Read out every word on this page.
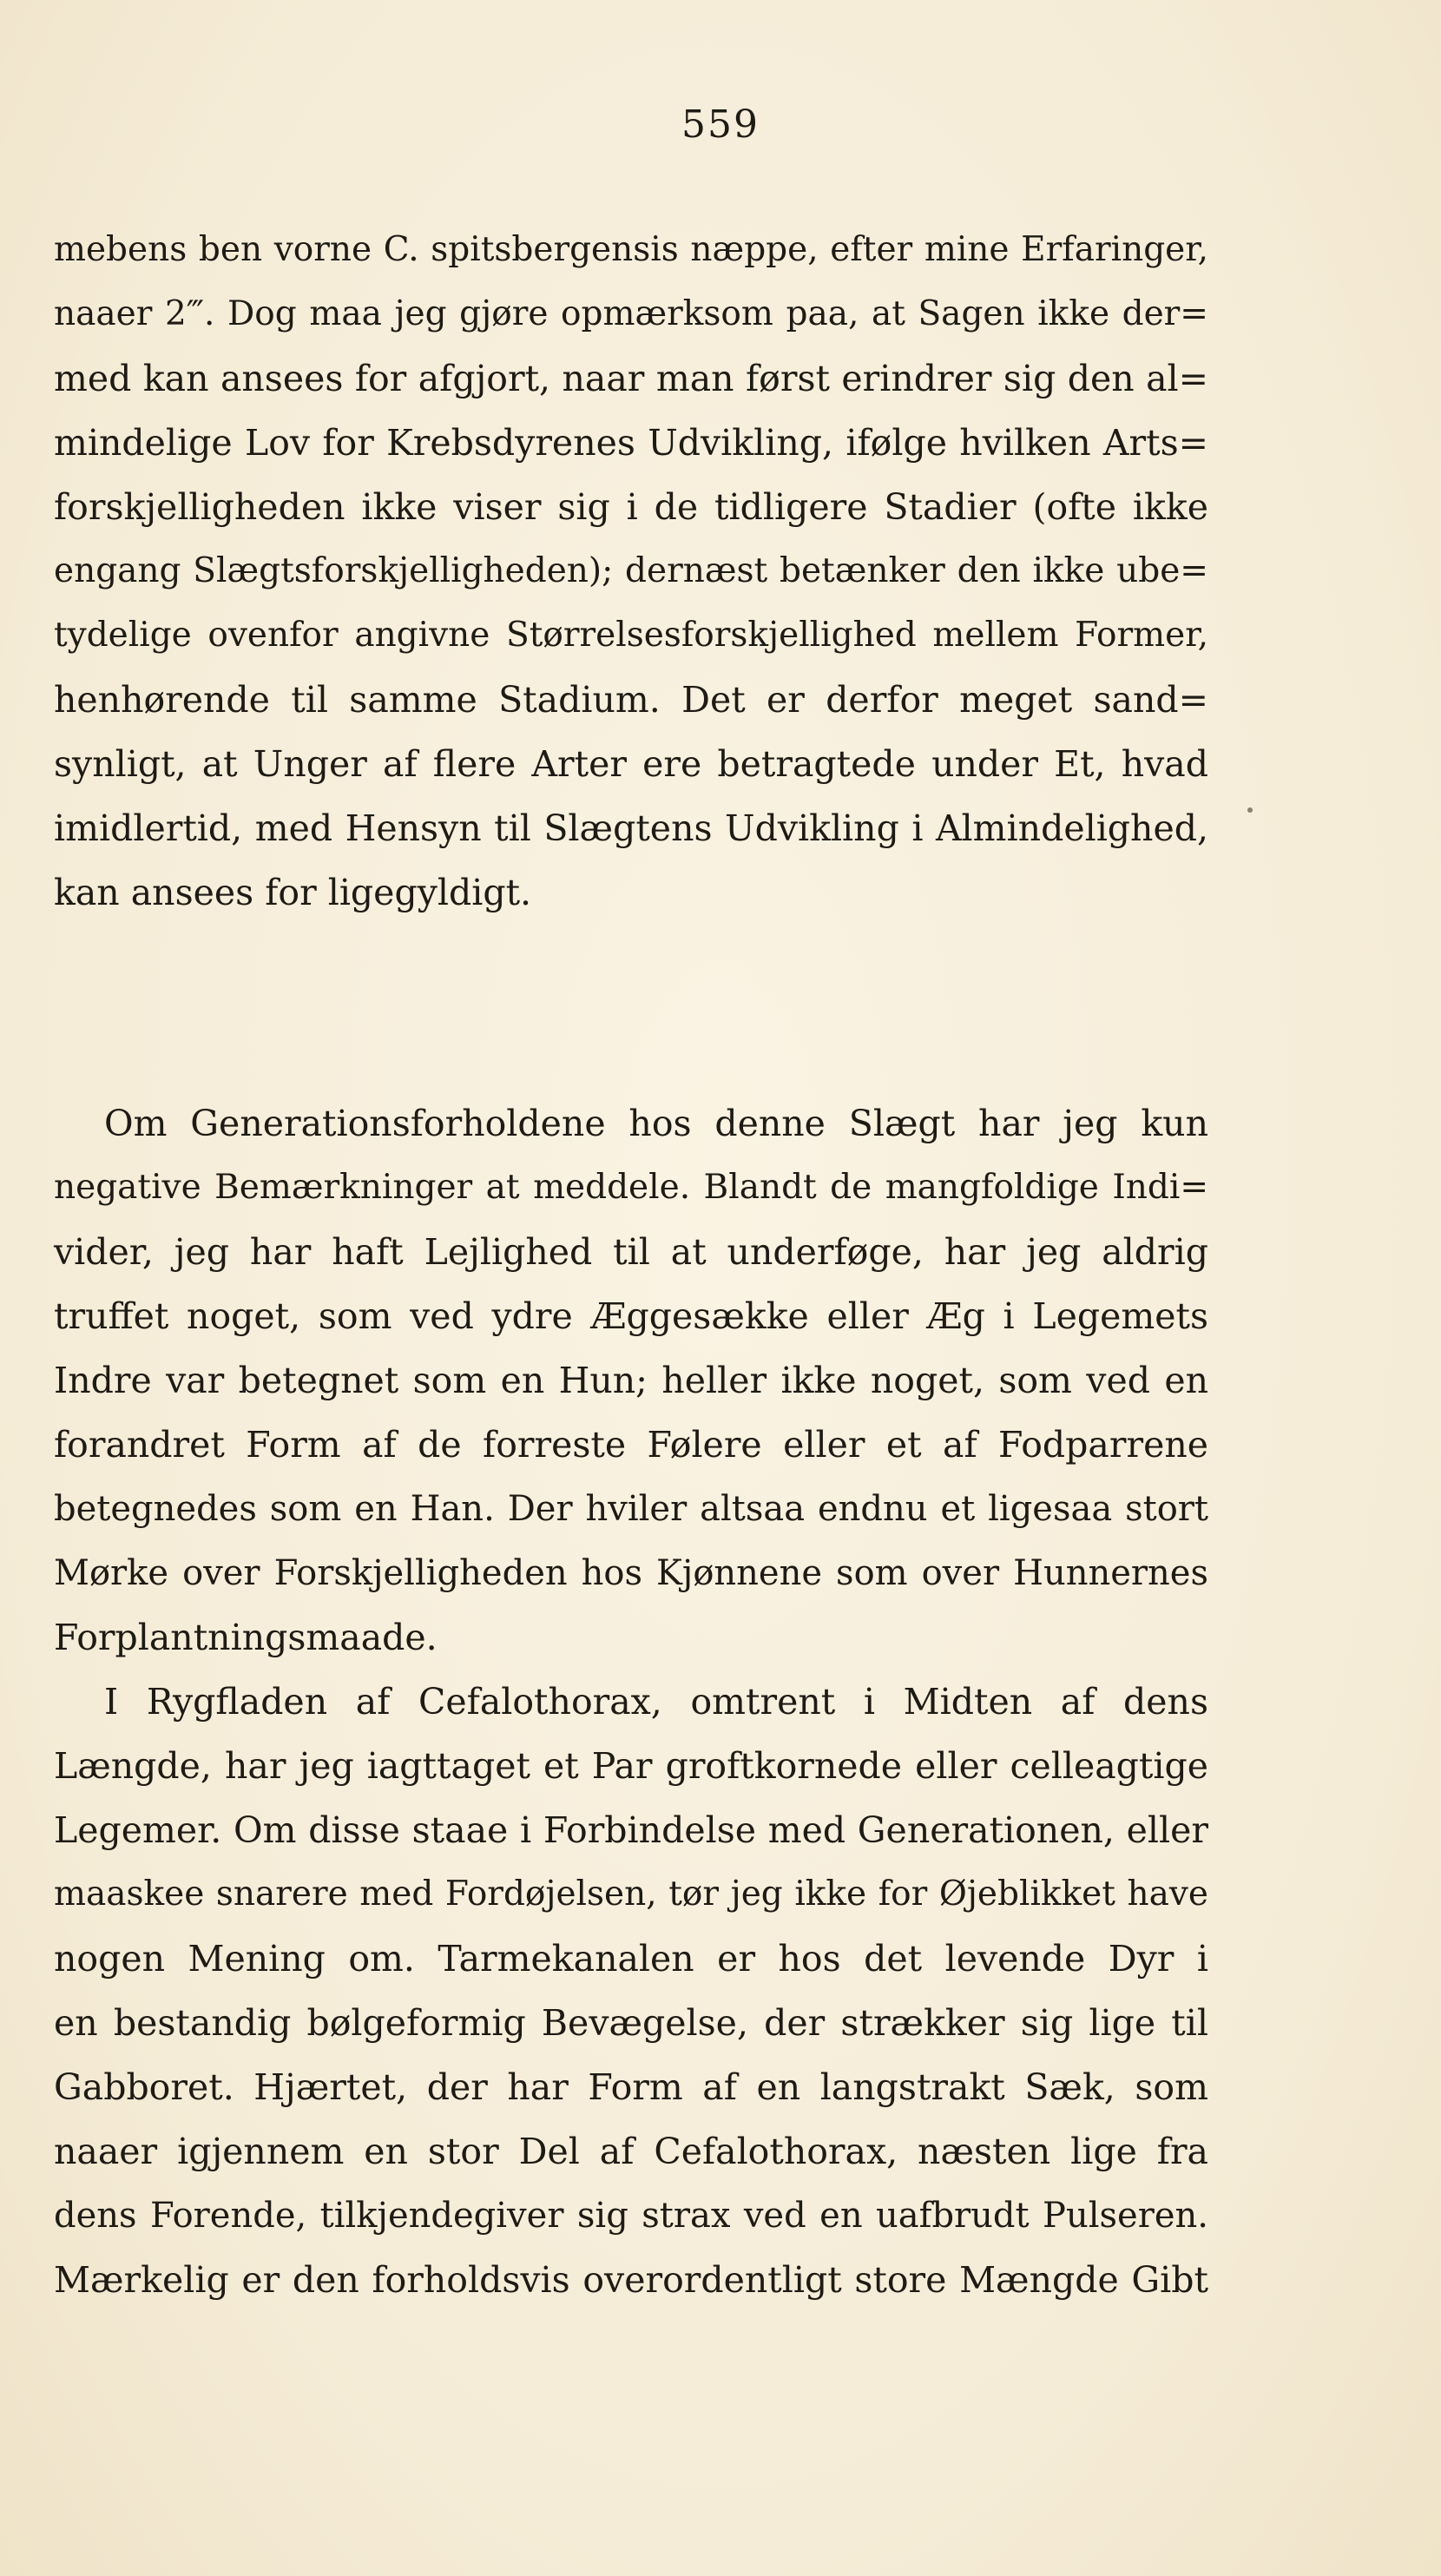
559
mebens ben vorne C. spitsbergensis næppe, efter mine Erfaringer,
naaer 2‴. Dog maa jeg gjøre opmærksom paa, at Sagen ikke der=
med kan ansees for afgjort, naar man først erindrer sig den al=
mindelige Lov for Krebsdyrenes Udvikling, ifølge hvilken Arts=
forskjelligheden ikke viser sig i de tidligere Stadier (ofte ikke
engang Slægtsforskjelligheden); dernæst betænker den ikke ube=
tydelige ovenfor angivne Størrelsesforskjellighed mellem Former,
henhørende til samme Stadium. Det er derfor meget sand=
synligt, at Unger af flere Arter ere betragtede under Et, hvad
imidlertid, med Hensyn til Slægtens Udvikling i Almindelighed,
kan ansees for ligegyldigt.
Om Generationsforholdene hos denne Slægt har jeg kun
negative Bemærkninger at meddele. Blandt de mangfoldige Indi=
vider, jeg har haft Lejlighed til at underføge, har jeg aldrig
truffet noget, som ved ydre Æggesække eller Æg i Legemets
Indre var betegnet som en Hun; heller ikke noget, som ved en
forandret Form af de forreste Følere eller et af Fodparrene
betegnedes som en Han. Der hviler altsaa endnu et ligesaa stort
Mørke over Forskjelligheden hos Kjønnene som over Hunnernes
Forplantningsmaade.
I Rygfladen af Cefalothorax, omtrent i Midten af dens
Længde, har jeg iagttaget et Par groftkornede eller celleagtige
Legemer. Om disse staae i Forbindelse med Generationen, eller
maaskee snarere med Fordøjelsen, tør jeg ikke for Øjeblikket have
nogen Mening om. Tarmekanalen er hos det levende Dyr i
en bestandig bølgeformig Bevægelse, der strækker sig lige til
Gabboret. Hjærtet, der har Form af en langstrakt Sæk, som
naaer igjennem en stor Del af Cefalothorax, næsten lige fra
dens Forende, tilkjendegiver sig strax ved en uafbrudt Pulseren.
Mærkelig er den forholdsvis overordentligt store Mængde Gibt
